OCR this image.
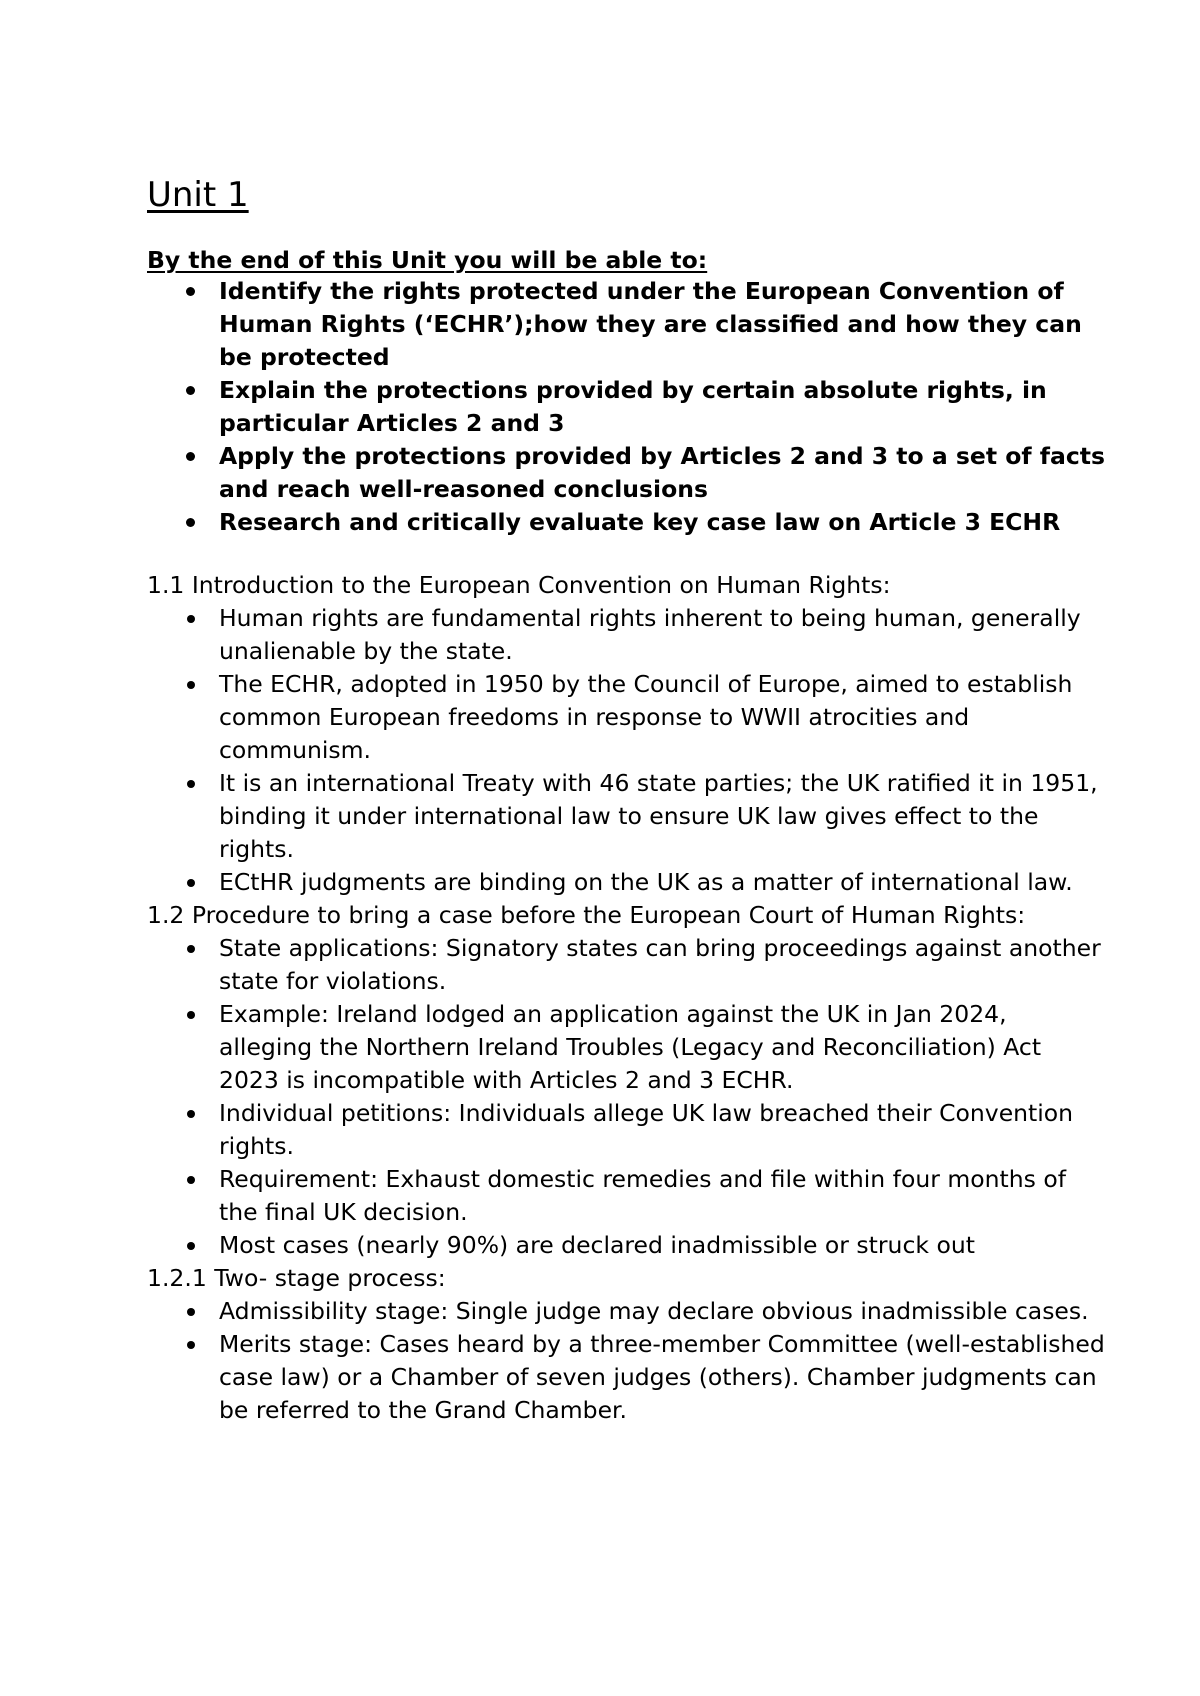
Unit 1

By the end of this Unit you will be able to:

Identify the rights protected under the European Convention of Human Rights (‘ECHR’);how they are classified and how they can be protected
Explain the protections provided by certain absolute rights, in particular Articles 2 and 3
Apply the protections provided by Articles 2 and 3 to a set of facts and reach well-reasoned conclusions
Research and critically evaluate key case law on Article 3 ECHR

1.1 Introduction to the European Convention on Human Rights:

Human rights are fundamental rights inherent to being human, generally unalienable by the state.
The ECHR, adopted in 1950 by the Council of Europe, aimed to establish common European freedoms in response to WWII atrocities and communism.
It is an international Treaty with 46 state parties; the UK ratified it in 1951, binding it under international law to ensure UK law gives effect to the rights.
ECtHR judgments are binding on the UK as a matter of international law.

1.2 Procedure to bring a case before the European Court of Human Rights:

State applications: Signatory states can bring proceedings against another state for violations.
Example: Ireland lodged an application against the UK in Jan 2024, alleging the Northern Ireland Troubles (Legacy and Reconciliation) Act 2023 is incompatible with Articles 2 and 3 ECHR.
Individual petitions: Individuals allege UK law breached their Convention rights.
Requirement: Exhaust domestic remedies and file within four months of the final UK decision.
Most cases (nearly 90%) are declared inadmissible or struck out

1.2.1 Two- stage process:

Admissibility stage: Single judge may declare obvious inadmissible cases.
Merits stage: Cases heard by a three-member Committee (well-established case law) or a Chamber of seven judges (others). Chamber judgments can be referred to the Grand Chamber.
